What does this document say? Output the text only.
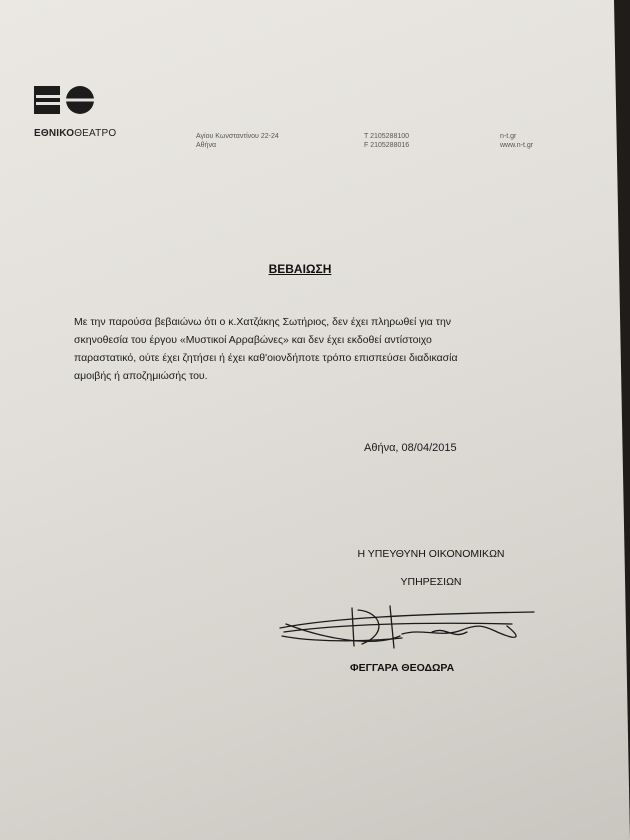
ΕΘΝΙΚΟΘΕΑΤΡΟ	Αγίου Κωνσταντίνου 22-24
Αθήνα
T 2105288100
F 2105288016
n-t.gr
www.n-t.gr
ΒΕΒΑΙΩΣΗ
Με την παρούσα βεβαιώνω ότι ο κ.Χατζάκης Σωτήριος, δεν έχει πληρωθεί για την
σκηνοθεσία του έργου «Μυστικοί Αρραβώνες» και δεν έχει εκδοθεί αντίστοιχο
παραστατικό, ούτε έχει ζητήσει ή έχει καθ'οιονδήποτε τρόπο επισπεύσει διαδικασία
αμοιβής ή αποζημιώσής του.
Αθήνα, 08/04/2015
Η ΥΠΕΥΘΥΝΗ ΟΙΚΟΝΟΜΙΚΩΝ
ΥΠΗΡΕΣΙΩΝ
ΦΕΓΓΑΡΑ ΘΕΟΔΩΡΑ
